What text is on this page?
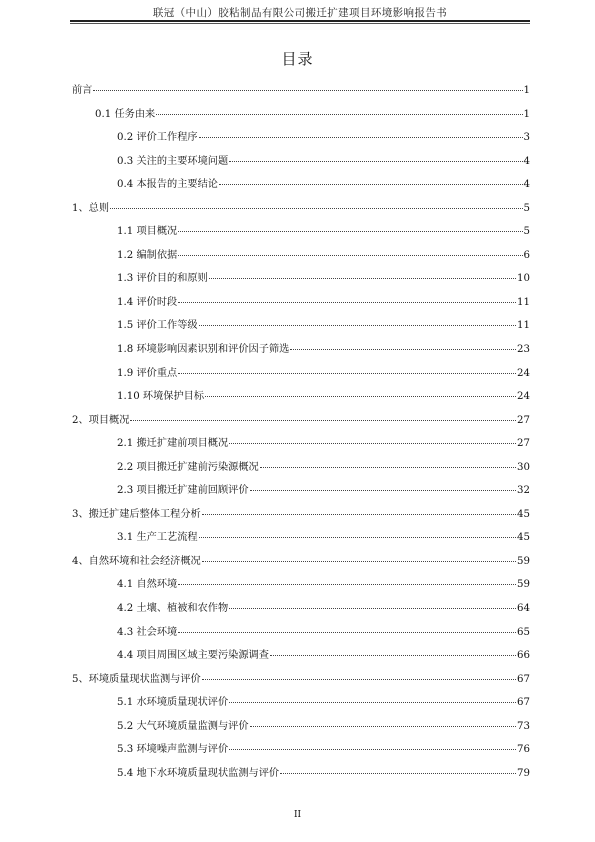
联冠（中山）胶粘制品有限公司搬迁扩建项目环境影响报告书
目录
前言	1
0.1 任务由来	1
0.2 评价工作程序	3
0.3 关注的主要环境问题	4
0.4 本报告的主要结论	4
1、总则	5
1.1 项目概况	5
1.2 编制依据	6
1.3 评价目的和原则	10
1.4 评价时段	11
1.5 评价工作等级	11
1.8 环境影响因素识别和评价因子筛选	23
1.9 评价重点	24
1.10 环境保护目标	24
2、项目概况	27
2.1 搬迁扩建前项目概况	27
2.2 项目搬迁扩建前污染源概况	30
2.3 项目搬迁扩建前回顾评价	32
3、搬迁扩建后整体工程分析	45
3.1 生产工艺流程	45
4、自然环境和社会经济概况	59
4.1 自然环境	59
4.2 土壤、植被和农作物	64
4.3 社会环境	65
4.4 项目周围区域主要污染源调查	66
5、环境质量现状监测与评价	67
5.1 水环境质量现状评价	67
5.2 大气环境质量监测与评价	73
5.3 环境噪声监测与评价	76
5.4 地下水环境质量现状监测与评价	79
II
